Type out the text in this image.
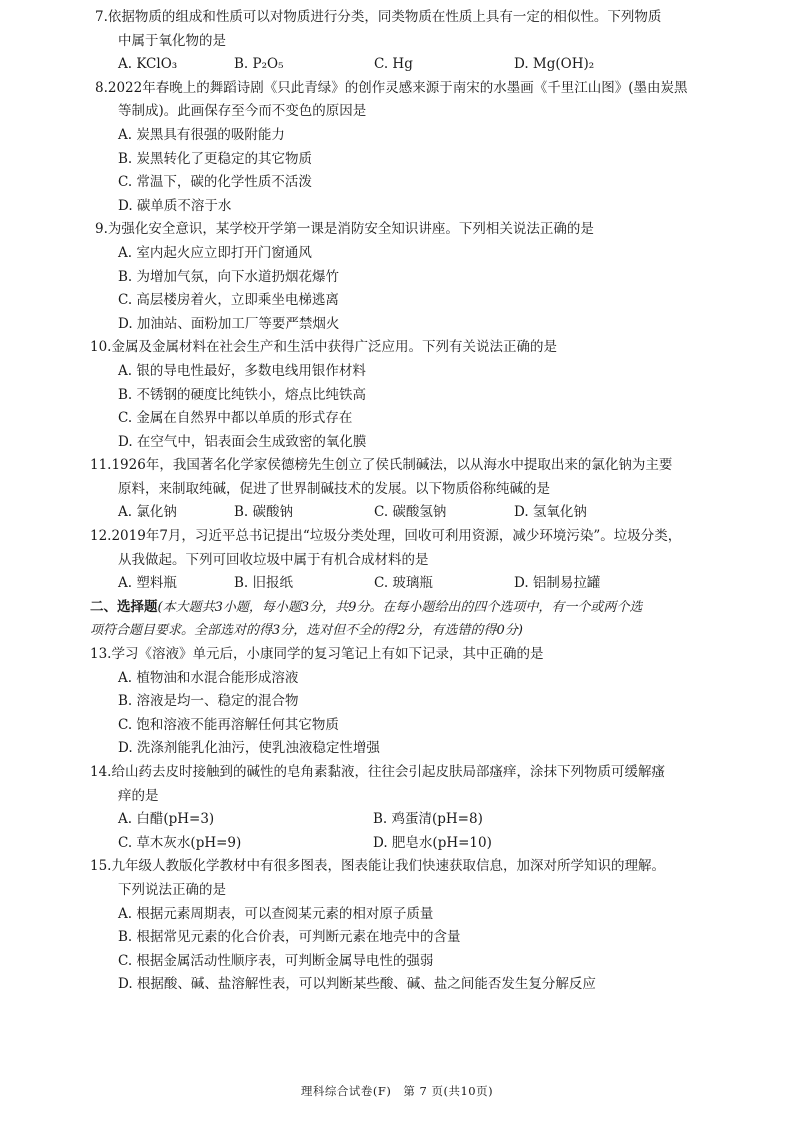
7.依据物质的组成和性质可以对物质进行分类，同类物质在性质上具有一定的相似性。下列物质
中属于氧化物的是
A. KClO₃	B. P₂O₅	C. Hg	D. Mg(OH)₂
8.2022年春晚上的舞蹈诗剧《只此青绿》的创作灵感来源于南宋的水墨画《千里江山图》(墨由炭黑
等制成)。此画保存至今而不变色的原因是
A. 炭黑具有很强的吸附能力
B. 炭黑转化了更稳定的其它物质
C. 常温下，碳的化学性质不活泼
D. 碳单质不溶于水
9.为强化安全意识，某学校开学第一课是消防安全知识讲座。下列相关说法正确的是
A. 室内起火应立即打开门窗通风
B. 为增加气氛，向下水道扔烟花爆竹
C. 高层楼房着火，立即乘坐电梯逃离
D. 加油站、面粉加工厂等要严禁烟火
10.金属及金属材料在社会生产和生活中获得广泛应用。下列有关说法正确的是
A. 银的导电性最好，多数电线用银作材料
B. 不锈钢的硬度比纯铁小，熔点比纯铁高
C. 金属在自然界中都以单质的形式存在
D. 在空气中，铝表面会生成致密的氧化膜
11.1926年，我国著名化学家侯德榜先生创立了侯氏制碱法，以从海水中提取出来的氯化钠为主要
原料，来制取纯碱，促进了世界制碱技术的发展。以下物质俗称纯碱的是
A. 氯化钠	B. 碳酸钠	C. 碳酸氢钠	D. 氢氧化钠
12.2019年7月，习近平总书记提出“垃圾分类处理，回收可利用资源，减少环境污染”。垃圾分类，
从我做起。下列可回收垃圾中属于有机合成材料的是
A. 塑料瓶	B. 旧报纸	C. 玻璃瓶	D. 铝制易拉罐
二、选择题(本大题共3小题，每小题3分，共9分。在每小题给出的四个选项中，有一个或两个选
项符合题目要求。全部选对的得3分，选对但不全的得2分，有选错的得0分)
13.学习《溶液》单元后，小康同学的复习笔记上有如下记录，其中正确的是
A. 植物油和水混合能形成溶液
B. 溶液是均一、稳定的混合物
C. 饱和溶液不能再溶解任何其它物质
D. 洗涤剂能乳化油污，使乳浊液稳定性增强
14.给山药去皮时接触到的碱性的皂角素黏液，往往会引起皮肤局部瘙痒，涂抹下列物质可缓解瘙
痒的是
A. 白醋(pH=3)	B. 鸡蛋清(pH=8)
C. 草木灰水(pH=9)	D. 肥皂水(pH=10)
15.九年级人教版化学教材中有很多图表，图表能让我们快速获取信息，加深对所学知识的理解。
下列说法正确的是
A. 根据元素周期表，可以查阅某元素的相对原子质量
B. 根据常见元素的化合价表，可判断元素在地壳中的含量
C. 根据金属活动性顺序表，可判断金属导电性的强弱
D. 根据酸、碱、盐溶解性表，可以判断某些酸、碱、盐之间能否发生复分解反应
理科综合试卷(F)　第 7 页(共10页)
